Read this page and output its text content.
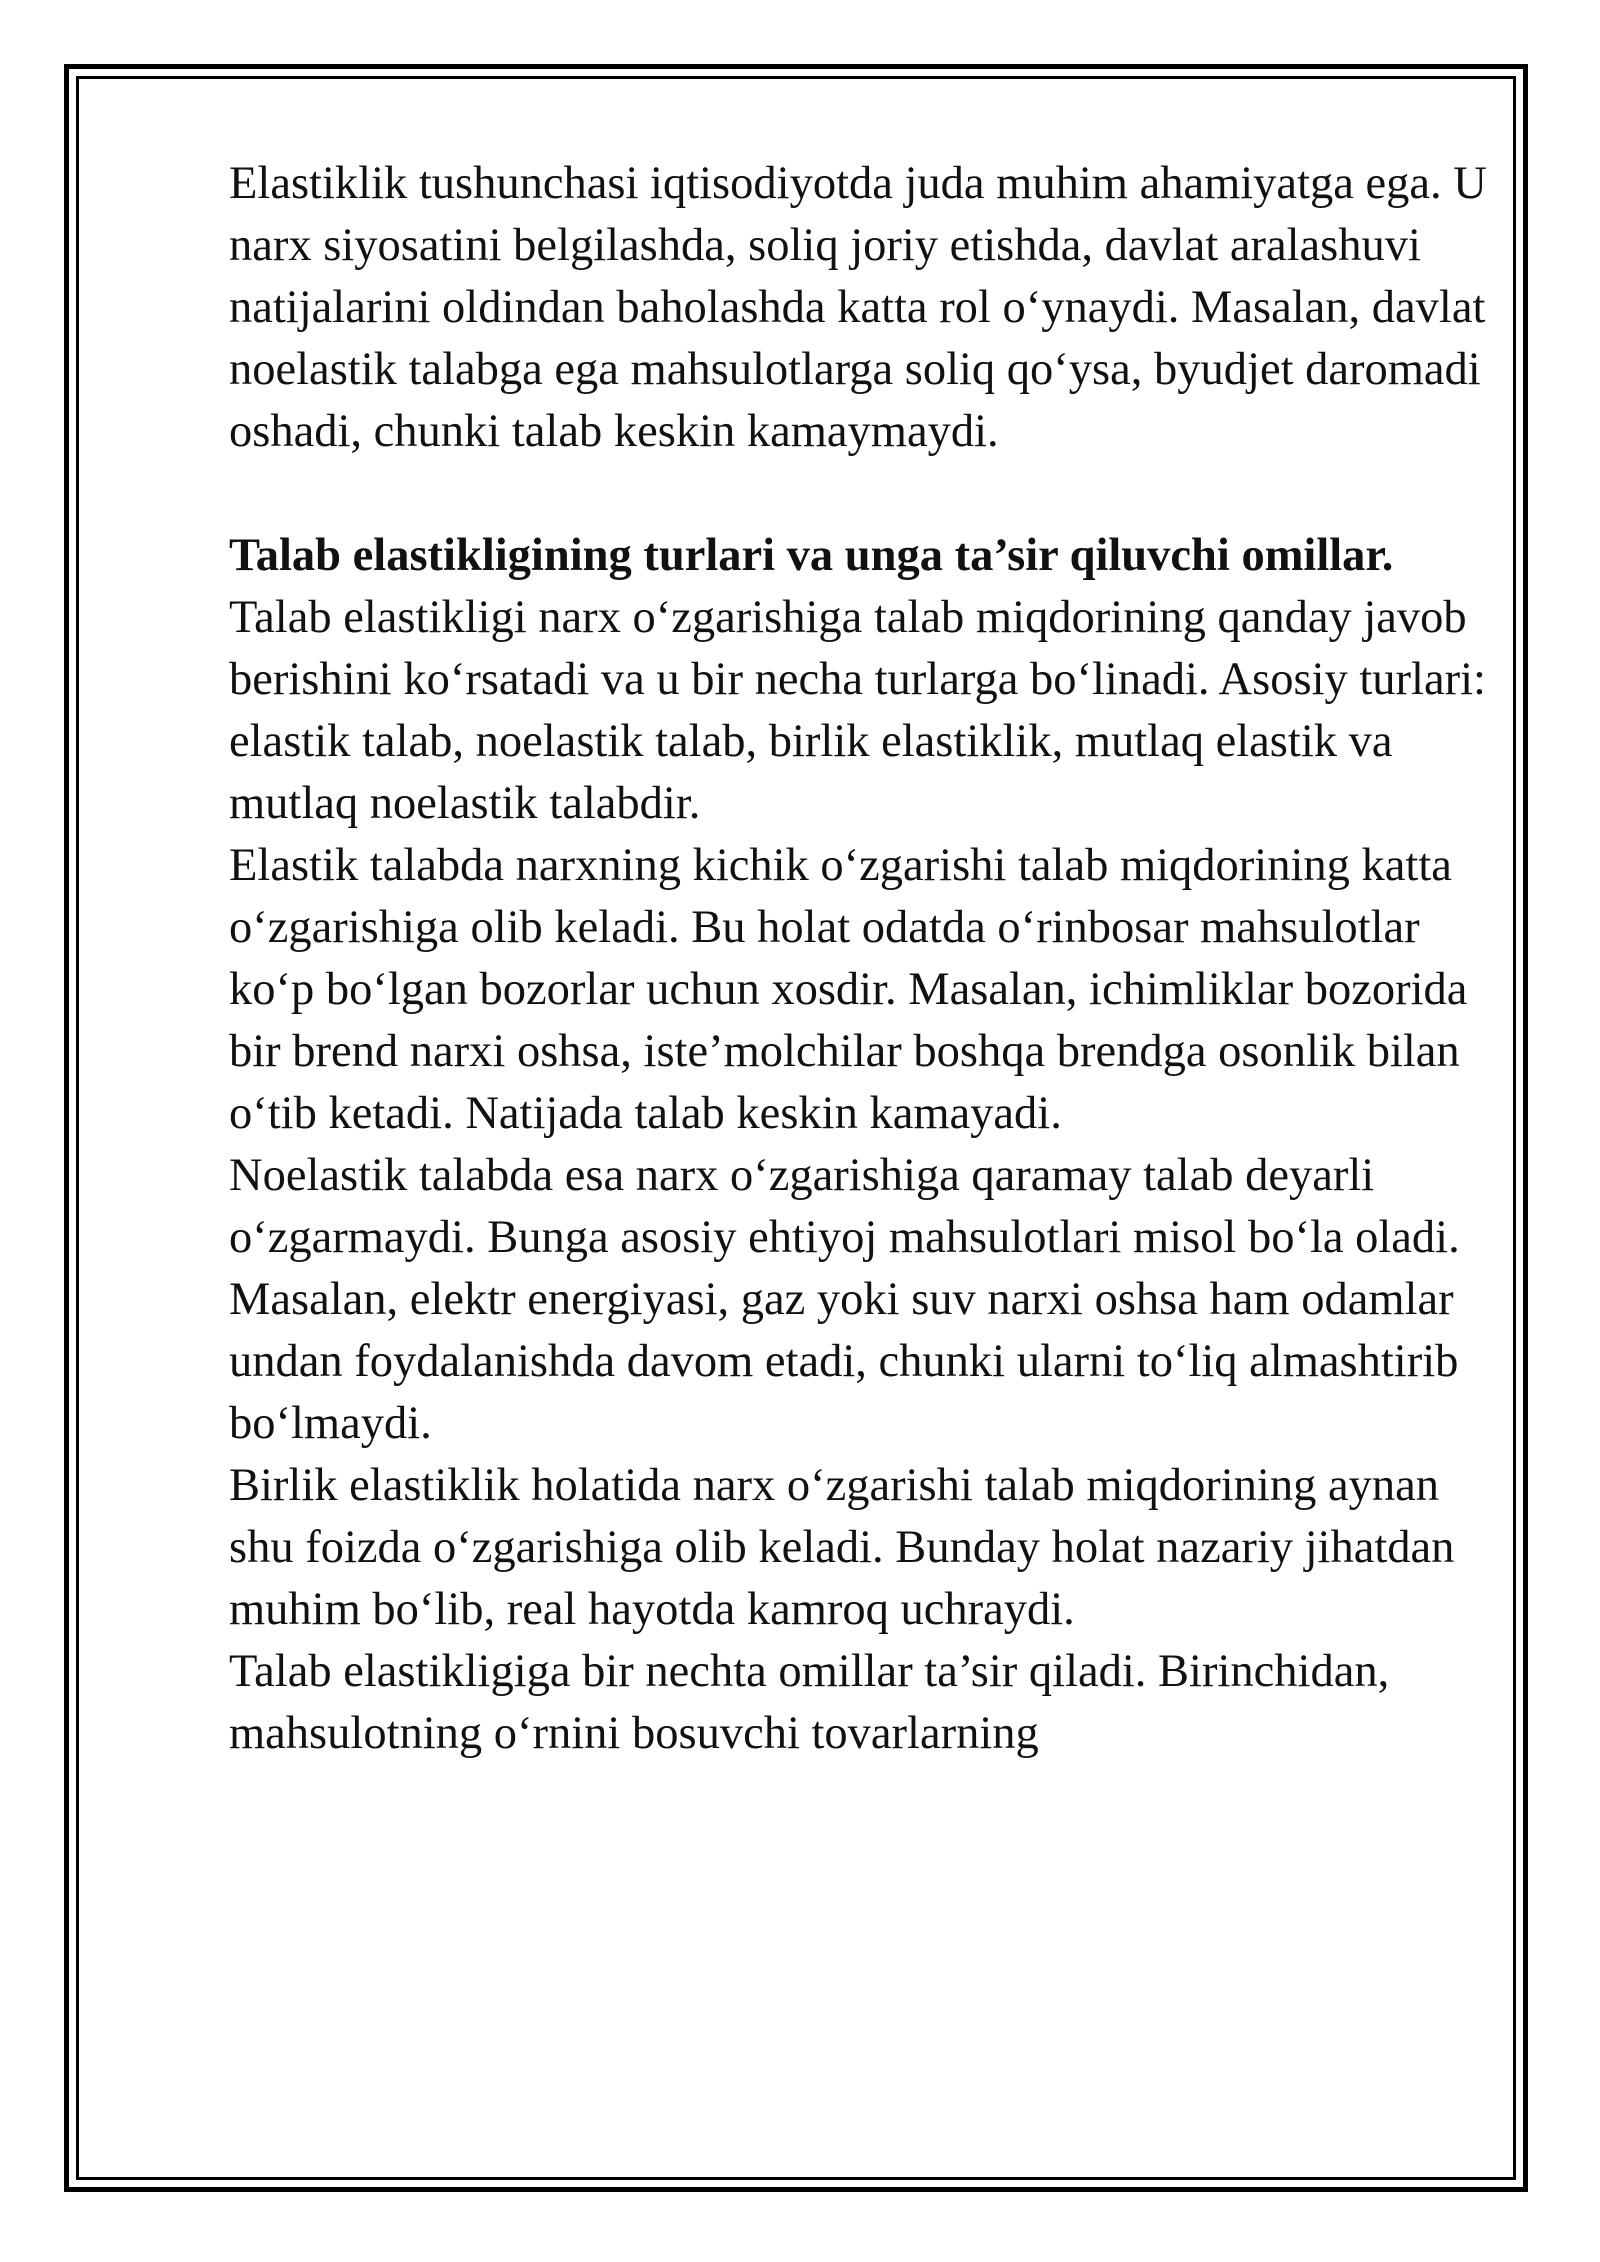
Elastiklik tushunchasi iqtisodiyotda juda muhim ahamiyatga ega. U narx siyosatini belgilashda, soliq joriy etishda, davlat aralashuvi natijalarini oldindan baholashda katta rol o‘ynaydi. Masalan, davlat noelastik talabga ega mahsulotlarga soliq qo‘ysa, byudjet daromadi oshadi, chunki talab keskin kamaymaydi.

Talab elastikligining turlari va unga ta’sir qiluvchi omillar.

Talab elastikligi narx o‘zgarishiga talab miqdorining qanday javob berishini ko‘rsatadi va u bir necha turlarga bo‘linadi. Asosiy turlari: elastik talab, noelastik talab, birlik elastiklik, mutlaq elastik va mutlaq noelastik talabdir.

Elastik talabda narxning kichik o‘zgarishi talab miqdorining katta o‘zgarishiga olib keladi. Bu holat odatda o‘rinbosar mahsulotlar ko‘p bo‘lgan bozorlar uchun xosdir. Masalan, ichimliklar bozorida bir brend narxi oshsa, iste’molchilar boshqa brendga osonlik bilan o‘tib ketadi. Natijada talab keskin kamayadi.

Noelastik talabda esa narx o‘zgarishiga qaramay talab deyarli o‘zgarmaydi. Bunga asosiy ehtiyoj mahsulotlari misol bo‘la oladi. Masalan, elektr energiyasi, gaz yoki suv narxi oshsa ham odamlar undan foydalanishda davom etadi, chunki ularni to‘liq almashtirib bo‘lmaydi.

Birlik elastiklik holatida narx o‘zgarishi talab miqdorining aynan shu foizda o‘zgarishiga olib keladi. Bunday holat nazariy jihatdan muhim bo‘lib, real hayotda kamroq uchraydi.

Talab elastikligiga bir nechta omillar ta’sir qiladi. Birinchidan, mahsulotning o‘rnini bosuvchi tovarlarning
